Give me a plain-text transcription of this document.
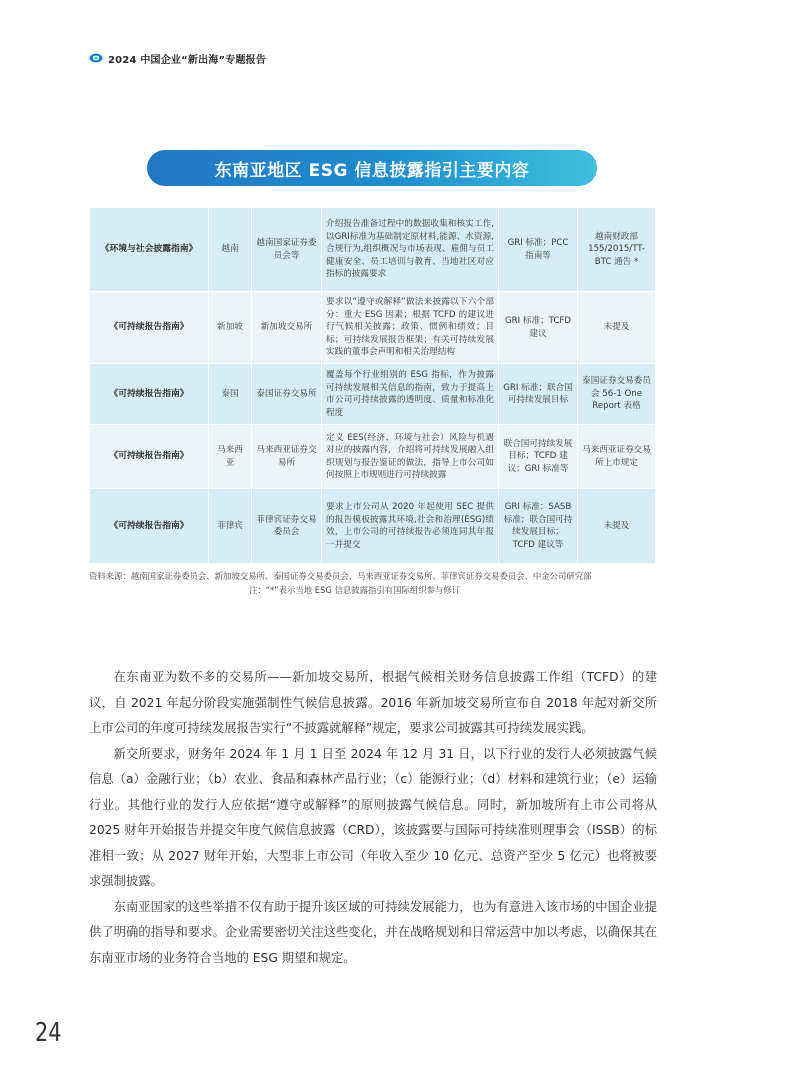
2024 中国企业“新出海”专题报告
东南亚地区 ESG 信息披露指引主要内容
《环境与社会披露指南》	越南	越南国家证券委员会等	介绍报告准备过程中的数据收集和核实工作,以GRI标准为基础制定原材料,能源、水资源,合规行为,组织概况与市场表现、雇佣与员工健康安全、员工培训与教育、当地社区对应指标的披露要求	GRI 标准；PCC 指南等	越南财政部 155/2015/TT-BTC 通告 *
《可持续报告指南》	新加坡	新加坡交易所	要求以“遵守或解释”做法来披露以下六个部分：重大 ESG 因素；根据 TCFD 的建议进行气候相关披露；政策、惯例和绩效；目标；可持续发展报告框架；有关可持续发展实践的董事会声明和相关治理结构	GRI 标准；TCFD 建议	未提及
《可持续报告指南》	泰国	泰国证券交易所	覆盖每个行业组别的 ESG 指标，作为披露可持续发展相关信息的指南，致力于提高上市公司可持续披露的透明度、质量和标准化程度	GRI 标准；联合国可持续发展目标	泰国证券交易委员会 56-1 One Report 表格
《可持续报告指南》	马来西亚	马来西亚证券交易所	定义 EES(经济、环境与社会）风险与机遇对应的披露内容，介绍将可持续发展融入组织规划与报告鉴证的做法，指导上市公司如何按照上市规则进行可持续披露	联合国可持续发展目标；TCFD 建议；GRI 标准等	马来西亚证券交易所上市规定
《可持续报告指南》	菲律宾	菲律宾证券交易委员会	要求上市公司从 2020 年起使用 SEC 提供的报告模板披露其环境,社会和治理(ESG)绩效，上市公司的可持续报告必须连同其年报一并提交	GRI 标准；SASB 标准；联合国可持续发展目标；TCFD 建议等	未提及
资料来源：越南国家证券委员会、新加坡交易所、泰国证券交易委员会、马来西亚证券交易所、菲律宾证券交易委员会、中金公司研究部
注：“*”表示当地 ESG 信息披露指引有国际组织参与修订

在东南亚为数不多的交易所——新加坡交易所，根据气候相关财务信息披露工作组（TCFD）的建议，自 2021 年起分阶段实施强制性气候信息披露。2016 年新加坡交易所宣布自 2018 年起对新交所上市公司的年度可持续发展报告实行“不披露就解释”规定，要求公司披露其可持续发展实践。

新交所要求，财务年 2024 年 1 月 1 日至 2024 年 12 月 31 日，以下行业的发行人必须披露气候信息（a）金融行业；（b）农业、食品和森林产品行业；（c）能源行业；（d）材料和建筑行业；（e）运输行业。其他行业的发行人应依据“遵守或解释”的原则披露气候信息。同时，新加坡所有上市公司将从 2025 财年开始报告并提交年度气候信息披露（CRD），该披露要与国际可持续准则理事会（ISSB）的标准相一致；从 2027 财年开始，大型非上市公司（年收入至少 10 亿元、总资产至少 5 亿元）也将被要求强制披露。

东南亚国家的这些举措不仅有助于提升该区域的可持续发展能力，也为有意进入该市场的中国企业提供了明确的指导和要求。企业需要密切关注这些变化，并在战略规划和日常运营中加以考虑，以确保其在东南亚市场的业务符合当地的 ESG 期望和规定。

24
